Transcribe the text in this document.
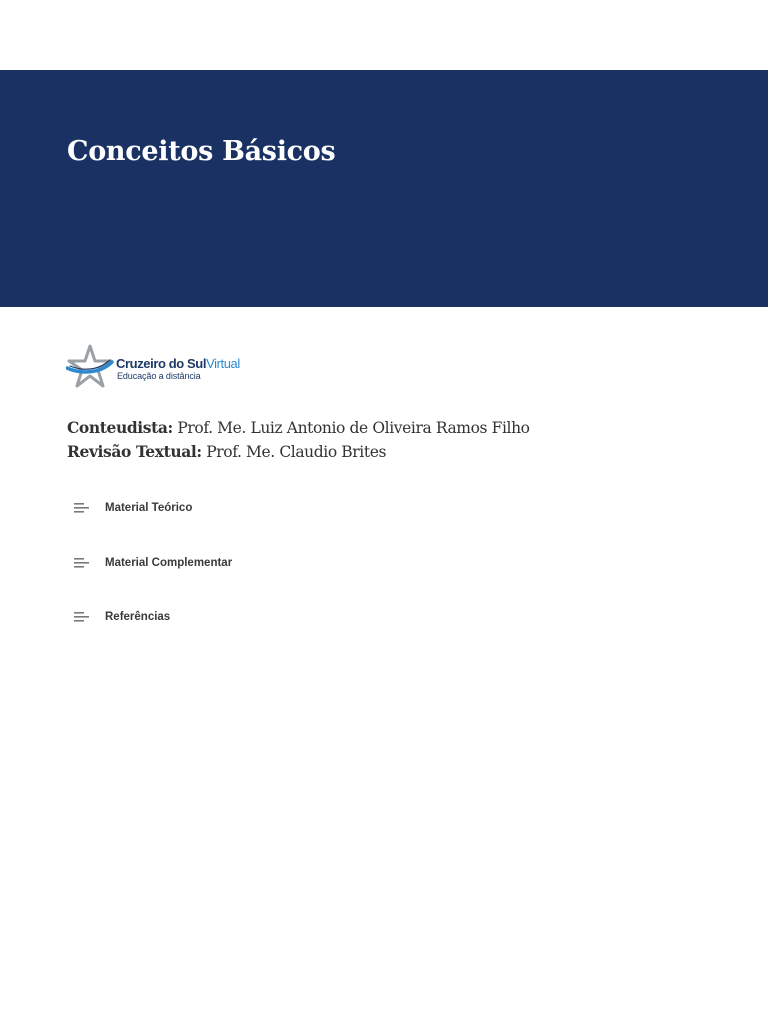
Conceitos Básicos
Cruzeiro do SulVirtual
Educação a distância
Conteudista: Prof. Me. Luiz Antonio de Oliveira Ramos Filho
Revisão Textual: Prof. Me. Claudio Brites
Material Teórico
Material Complementar
Referências
